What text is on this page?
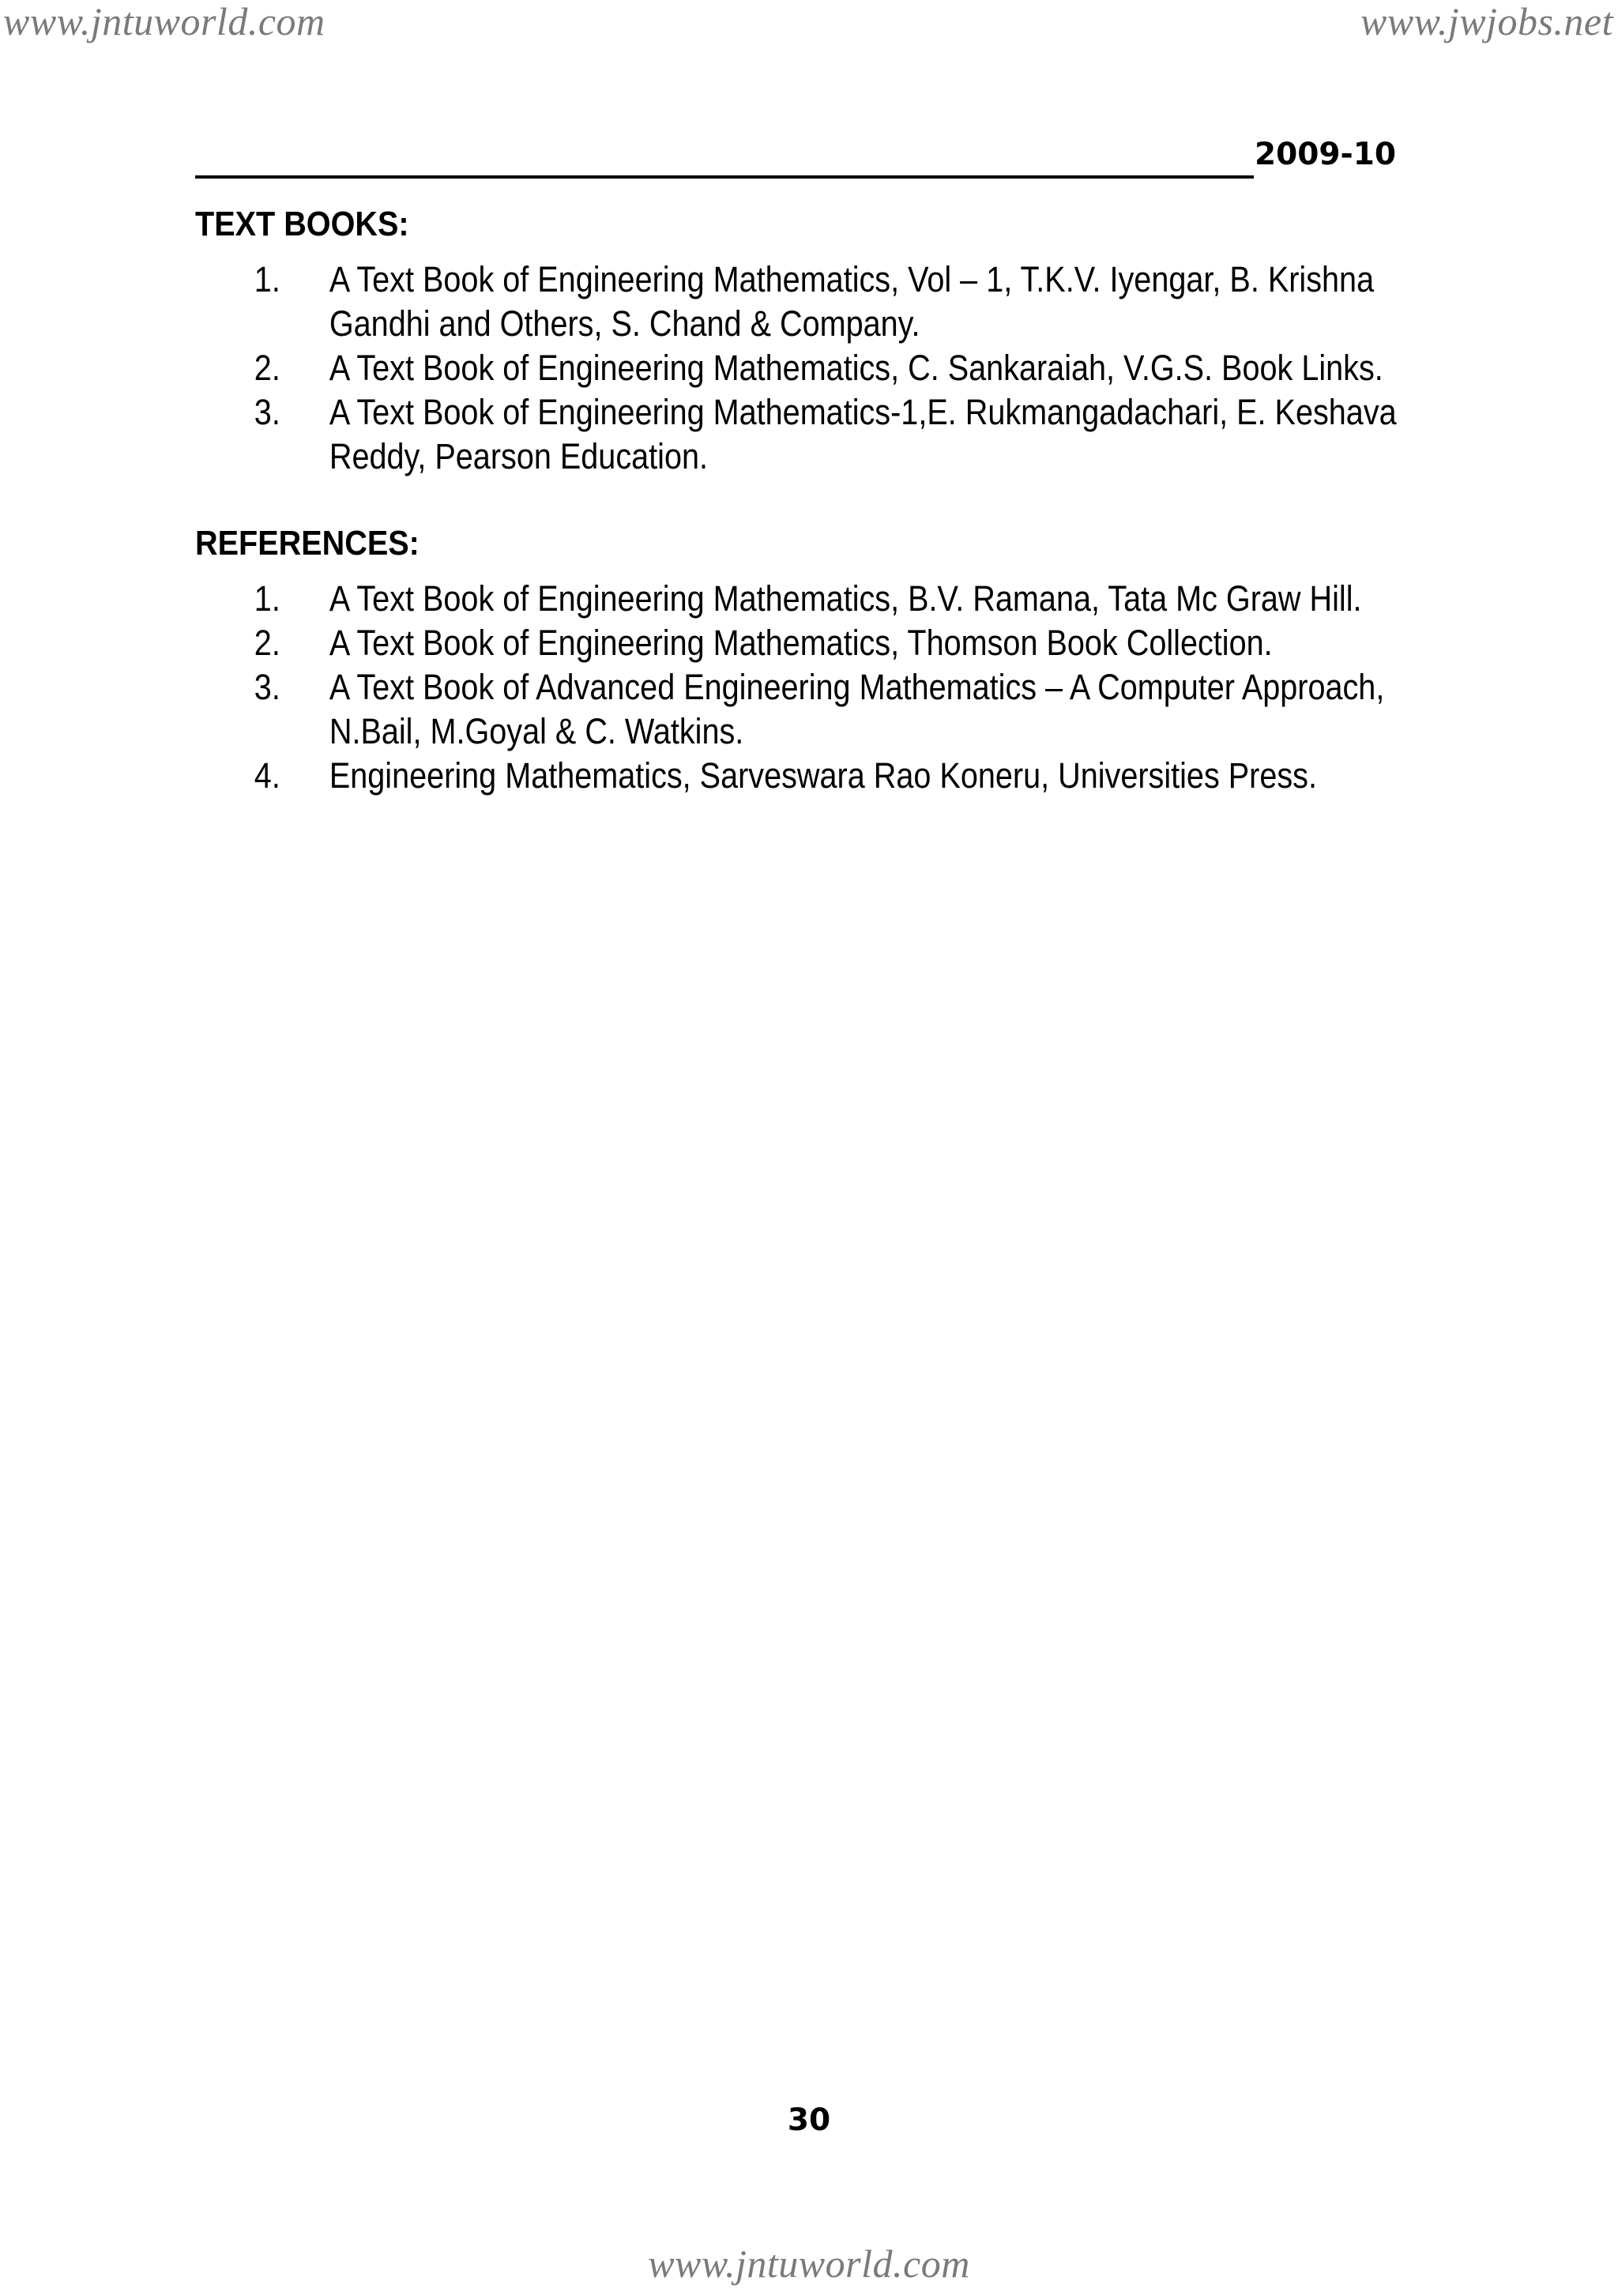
www.jntuworld.com	www.jwjobs.net
2009-10
TEXT BOOKS:
1. A Text Book of Engineering Mathematics, Vol – 1, T.K.V. Iyengar, B. Krishna
Gandhi and Others, S. Chand & Company.
2. A Text Book of Engineering Mathematics, C. Sankaraiah, V.G.S. Book Links.
3. A Text Book of Engineering Mathematics-1,E. Rukmangadachari, E. Keshava
Reddy, Pearson Education.
REFERENCES:
1. A Text Book of Engineering Mathematics, B.V. Ramana, Tata Mc Graw Hill.
2. A Text Book of Engineering Mathematics, Thomson Book Collection.
3. A Text Book of Advanced Engineering Mathematics – A Computer Approach,
N.Bail, M.Goyal & C. Watkins.
4. Engineering Mathematics, Sarveswara Rao Koneru, Universities Press.
30
www.jntuworld.com
